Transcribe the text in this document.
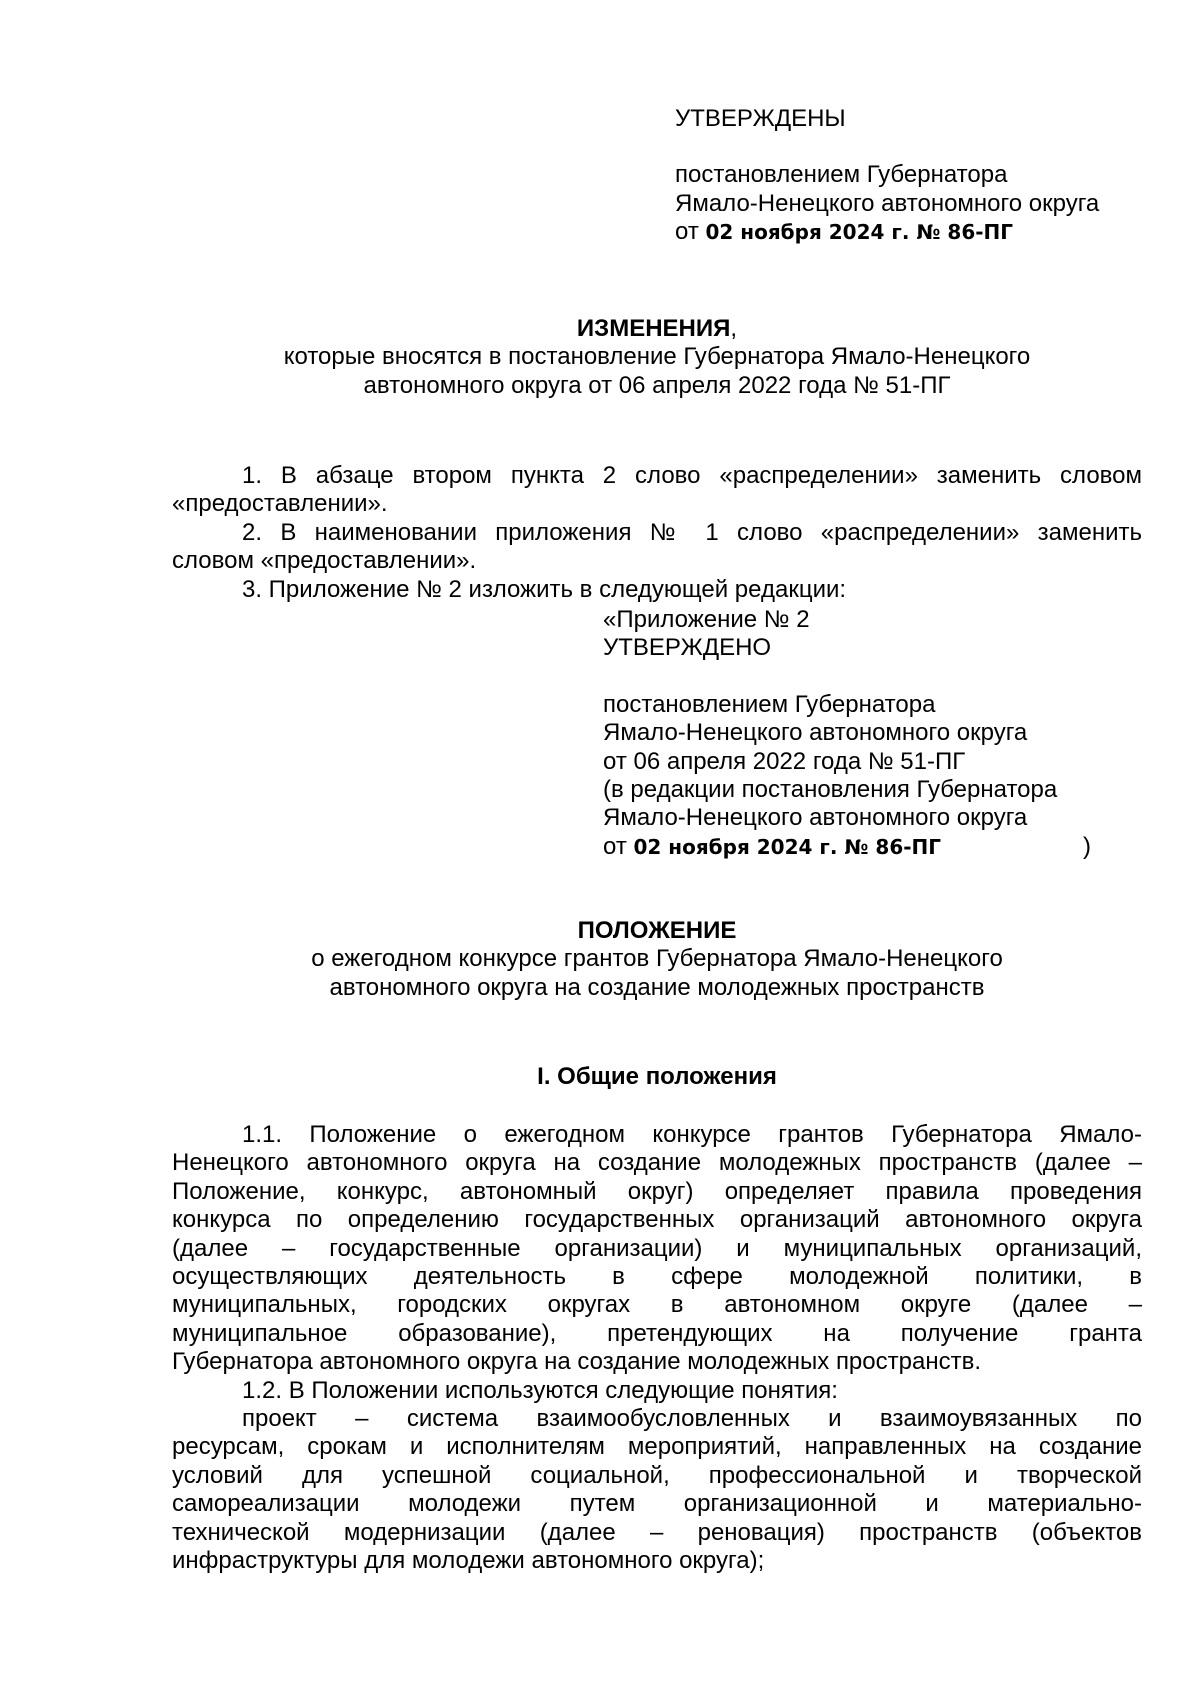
УТВЕРЖДЕНЫ
постановлением Губернатора
Ямало-Ненецкого автономного округа
от 02 ноября 2024 г. № 86-ПГ
ИЗМЕНЕНИЯ,
которые вносятся в постановление Губернатора Ямало-Ненецкого
автономного округа от 06 апреля 2022 года № 51-ПГ
1. В абзаце втором пункта 2 слово «распределении» заменить словом
«предоставлении».
2. В наименовании приложения № 1 слово «распределении» заменить
словом «предоставлении».
3. Приложение № 2 изложить в следующей редакции:
«Приложение № 2
УТВЕРЖДЕНО
постановлением Губернатора
Ямало-Ненецкого автономного округа
от 06 апреля 2022 года № 51-ПГ
(в редакции постановления Губернатора
Ямало-Ненецкого автономного округа
от 02 ноября 2024 г. № 86-ПГ	)
ПОЛОЖЕНИЕ
о ежегодном конкурсе грантов Губернатора Ямало-Ненецкого
автономного округа на создание молодежных пространств
I. Общие положения
1.1. Положение о ежегодном конкурсе грантов Губернатора Ямало-
Ненецкого автономного округа на создание молодежных пространств (далее –
Положение, конкурс, автономный округ) определяет правила проведения
конкурса по определению государственных организаций автономного округа
(далее – государственные организации) и муниципальных организаций,
осуществляющих деятельность в сфере молодежной политики, в
муниципальных, городских округах в автономном округе (далее –
муниципальное образование), претендующих на получение гранта
Губернатора автономного округа на создание молодежных пространств.
1.2. В Положении используются следующие понятия:
проект – система взаимообусловленных и взаимоувязанных по
ресурсам, срокам и исполнителям мероприятий, направленных на создание
условий для успешной социальной, профессиональной и творческой
самореализации молодежи путем организационной и материально-
технической модернизации (далее – реновация) пространств (объектов
инфраструктуры для молодежи автономного округа);
